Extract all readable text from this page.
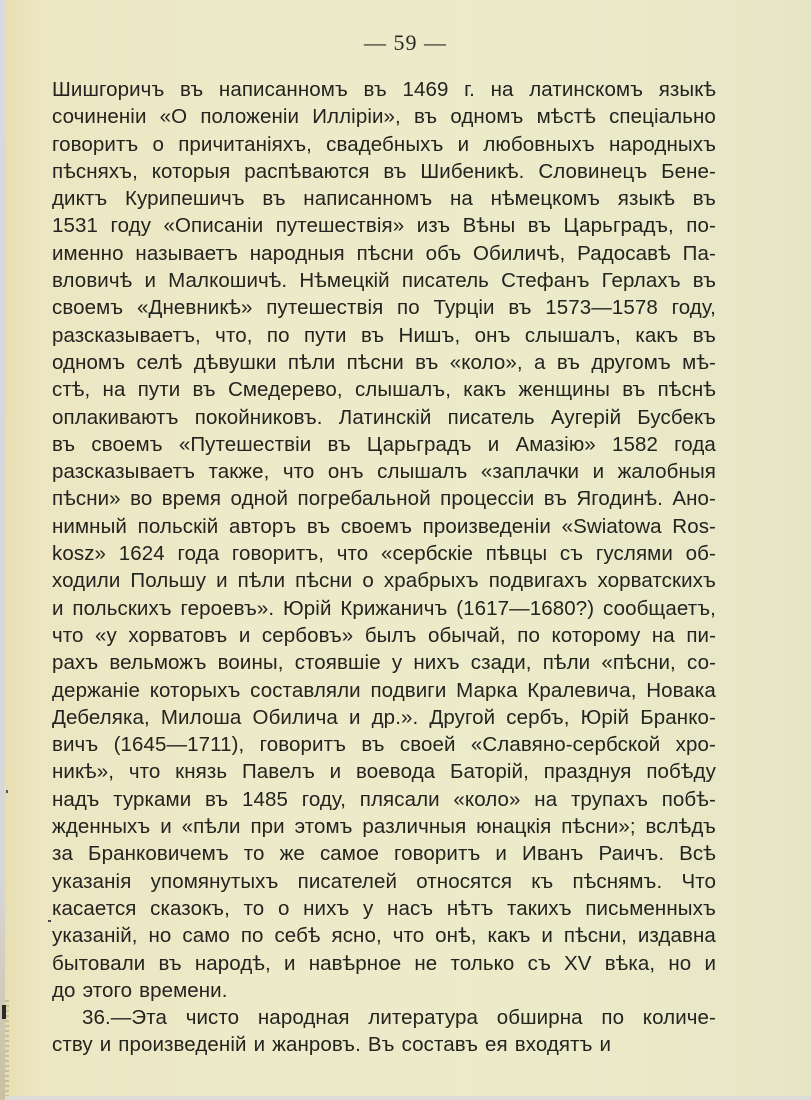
— 59 —
Шишгоричъ въ написанномъ въ 1469 г. на латинскомъ языкѣ
сочиненіи «О положеніи Илліріи», въ одномъ мѣстѣ спеціально
говоритъ о причитаніяхъ, свадебныхъ и любовныхъ народныхъ
пѣсняхъ, которыя распѣваются въ Шибеникѣ. Словинецъ Бене-
диктъ Курипешичъ въ написанномъ на нѣмецкомъ языкѣ въ
1531 году «Описаніи путешествія» изъ Вѣны въ Царьградъ, по-
именно называетъ народныя пѣсни объ Обиличѣ, Радосавѣ Па-
вловичѣ и Малкошичѣ. Нѣмецкій писатель Стефанъ Герлахъ въ
своемъ «Дневникѣ» путешествія по Турціи въ 1573—1578 году,
разсказываетъ, что, по пути въ Нишъ, онъ слышалъ, какъ въ
одномъ селѣ дѣвушки пѣли пѣсни въ «коло», а въ другомъ мѣ-
стѣ, на пути въ Смедерево, слышалъ, какъ женщины въ пѣснѣ
оплакиваютъ покойниковъ. Латинскій писатель Аугерій Бусбекъ
въ своемъ «Путешествіи въ Царьградъ и Амазію» 1582 года
разсказываетъ также, что онъ слышалъ «заплачки и жалобныя
пѣсни» во время одной погребальной процессіи въ Ягодинѣ. Ано-
нимный польскій авторъ въ своемъ произведеніи «Swiatowa Ros-
kosz» 1624 года говоритъ, что «сербскіе пѣвцы съ гуслями об-
ходили Польшу и пѣли пѣсни о храбрыхъ подвигахъ хорватскихъ
и польскихъ героевъ». Юрій Крижаничъ (1617—1680?) сообщаетъ,
что «у хорватовъ и сербовъ» былъ обычай, по которому на пи-
рахъ вельможъ воины, стоявшіе у нихъ сзади, пѣли «пѣсни, со-
держаніе которыхъ составляли подвиги Марка Кралевича, Новака
Дебеляка, Милоша Обилича и др.». Другой сербъ, Юрій Бранко-
вичъ (1645—1711), говоритъ въ своей «Славяно-сербской хро-
никѣ», что князь Павелъ и воевода Баторій, празднуя побѣду
надъ турками въ 1485 году, плясали «коло» на трупахъ побѣ-
жденныхъ и «пѣли при этомъ различныя юнацкія пѣсни»; вслѣдъ
за Бранковичемъ то же самое говоритъ и Иванъ Раичъ. Всѣ
указанія упомянутыхъ писателей относятся къ пѣснямъ. Что
касается сказокъ, то о нихъ у насъ нѣтъ такихъ письменныхъ
указаній, но само по себѣ ясно, что онѣ, какъ и пѣсни, издавна
бытовали въ народѣ, и навѣрное не только съ XV вѣка, но и
до этого времени.
36.—Эта чисто народная литература обширна по количе-
ству и произведеній и жанровъ. Въ составъ ея входятъ и
